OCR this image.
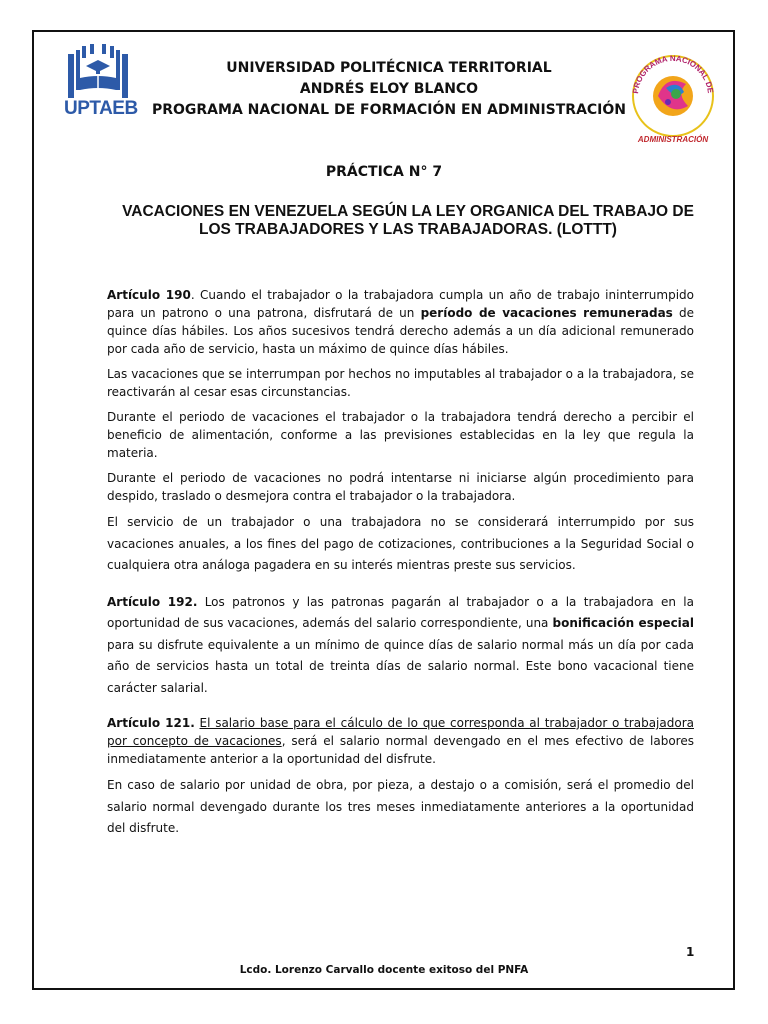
UPTAEB
PROGRAMA NACIONAL DE
ADMINISTRACIÓN
UNIVERSIDAD POLITÉCNICA TERRITORIAL
ANDRÉS ELOY BLANCO
PROGRAMA NACIONAL DE FORMACIÓN EN ADMINISTRACIÓN
PRÁCTICA N° 7
VACACIONES EN VENEZUELA SEGÚN LA LEY ORGANICA DEL TRABAJO DE
LOS TRABAJADORES Y LAS TRABAJADORAS. (LOTTT)

Artículo 190. Cuando el trabajador o la trabajadora cumpla un año de trabajo ininterrumpido para un patrono o una patrona, disfrutará de un período de vacaciones remuneradas de quince días hábiles. Los años sucesivos tendrá derecho además a un día adicional remunerado por cada año de servicio, hasta un máximo de quince días hábiles.

Las vacaciones que se interrumpan por hechos no imputables al trabajador o a la trabajadora, se reactivarán al cesar esas circunstancias.

Durante el periodo de vacaciones el trabajador o la trabajadora tendrá derecho a percibir el beneficio de alimentación, conforme a las previsiones establecidas en la ley que regula la materia.

Durante el periodo de vacaciones no podrá intentarse ni iniciarse algún procedimiento para despido, traslado o desmejora contra el trabajador o la trabajadora.

El servicio de un trabajador o una trabajadora no se considerará interrumpido por sus vacaciones anuales, a los fines del pago de cotizaciones, contribuciones a la Seguridad Social o cualquiera otra análoga pagadera en su interés mientras preste sus servicios.

Artículo 192. Los patronos y las patronas pagarán al trabajador o a la trabajadora en la oportunidad de sus vacaciones, además del salario correspondiente, una bonificación especial para su disfrute equivalente a un mínimo de quince días de salario normal más un día por cada año de servicios hasta un total de treinta días de salario normal. Este bono vacacional tiene carácter salarial.

Artículo 121. El salario base para el cálculo de lo que corresponda al trabajador o trabajadora por concepto de vacaciones, será el salario normal devengado en el mes efectivo de labores inmediatamente anterior a la oportunidad del disfrute.

En caso de salario por unidad de obra, por pieza, a destajo o a comisión, será el promedio del salario normal devengado durante los tres meses inmediatamente anteriores a la oportunidad del disfrute.

1
Lcdo. Lorenzo Carvallo docente exitoso del PNFA
